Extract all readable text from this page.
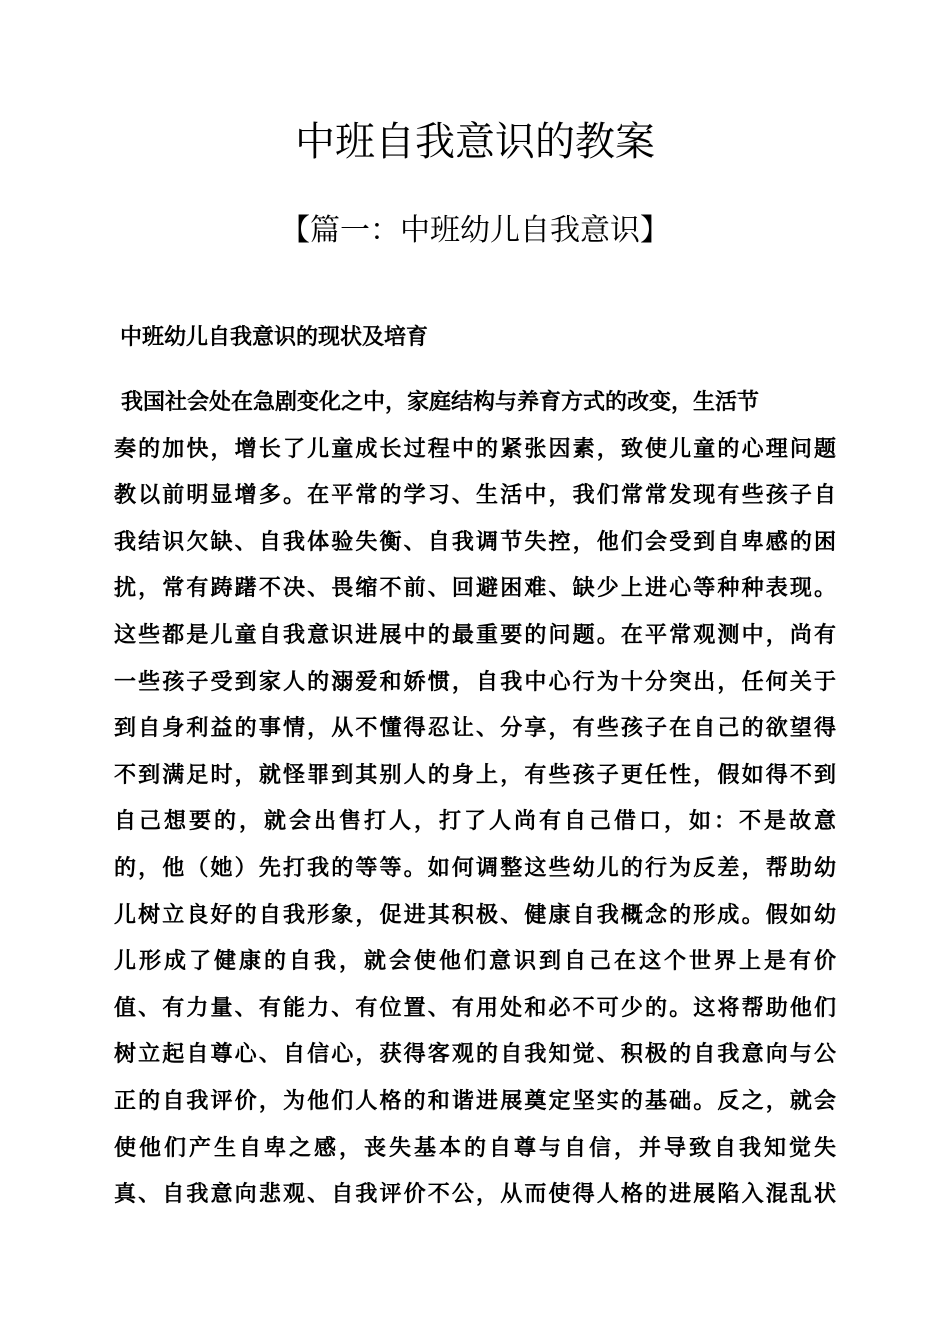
中班自我意识的教案
【篇一：中班幼儿自我意识】
中班幼儿自我意识的现状及培育
我国社会处在急剧变化之中，家庭结构与养育方式的改变，生活节
奏的加快，增长了儿童成长过程中的紧张因素，致使儿童的心理问题
教以前明显增多。在平常的学习、生活中，我们常常发现有些孩子自
我结识欠缺、自我体验失衡、自我调节失控，他们会受到自卑感的困
扰，常有踌躇不决、畏缩不前、回避困难、缺少上进心等种种表现。
这些都是儿童自我意识进展中的最重要的问题。在平常观测中，尚有
一些孩子受到家人的溺爱和娇惯，自我中心行为十分突出，任何关于
到自身利益的事情，从不懂得忍让、分享，有些孩子在自己的欲望得
不到满足时，就怪罪到其别人的身上，有些孩子更任性，假如得不到
自己想要的，就会出售打人，打了人尚有自己借口，如：不是故意
的，他（她）先打我的等等。如何调整这些幼儿的行为反差，帮助幼
儿树立良好的自我形象，促进其积极、健康自我概念的形成。假如幼
儿形成了健康的自我，就会使他们意识到自己在这个世界上是有价
值、有力量、有能力、有位置、有用处和必不可少的。这将帮助他们
树立起自尊心、自信心，获得客观的自我知觉、积极的自我意向与公
正的自我评价，为他们人格的和谐进展奠定坚实的基础。反之，就会
使他们产生自卑之感，丧失基本的自尊与自信，并导致自我知觉失
真、自我意向悲观、自我评价不公，从而使得人格的进展陷入混乱状
